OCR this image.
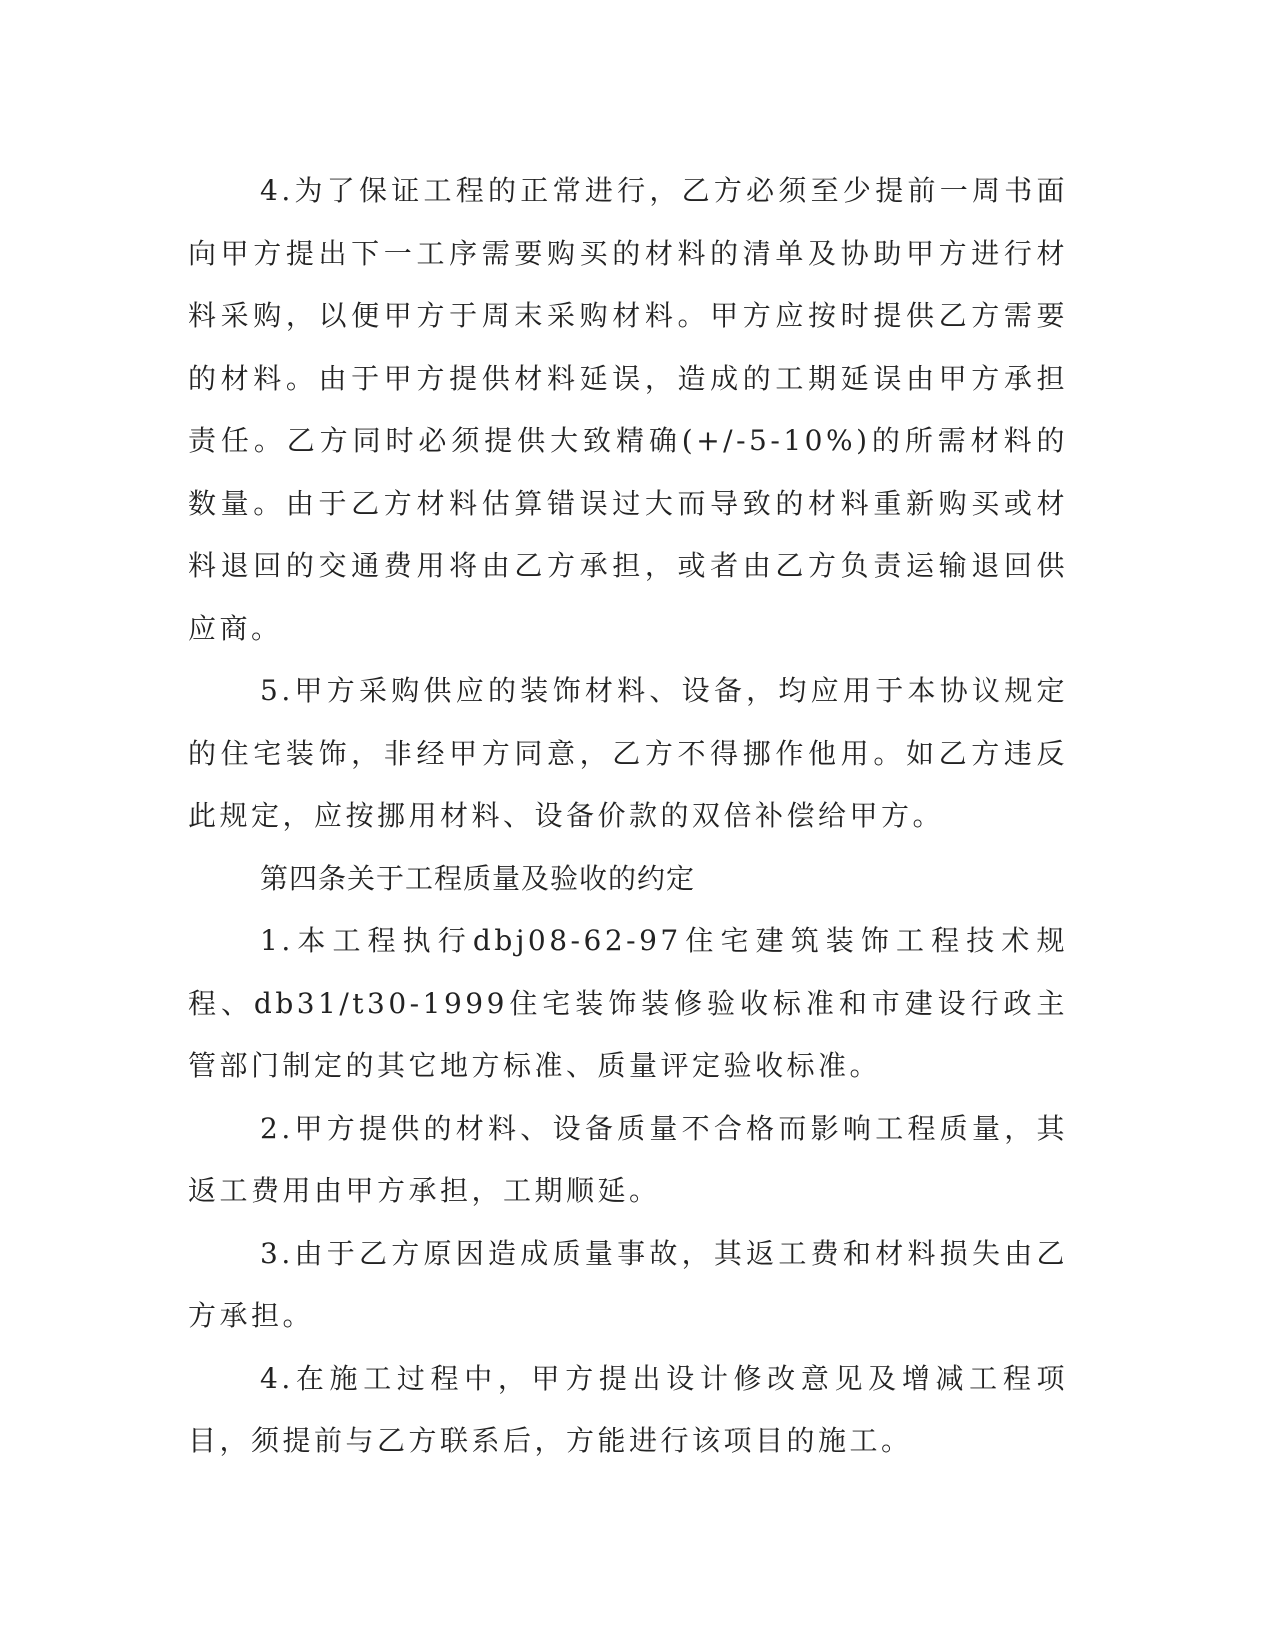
4.为了保证工程的正常进行，乙方必须至少提前一周书面向甲方提出下一工序需要购买的材料的清单及协助甲方进行材料采购，以便甲方于周末采购材料。甲方应按时提供乙方需要的材料。由于甲方提供材料延误，造成的工期延误由甲方承担责任。乙方同时必须提供大致精确(+/-5-10%)的所需材料的数量。由于乙方材料估算错误过大而导致的材料重新购买或材料退回的交通费用将由乙方承担，或者由乙方负责运输退回供应商。

5.甲方采购供应的装饰材料、设备，均应用于本协议规定的住宅装饰，非经甲方同意，乙方不得挪作他用。如乙方违反此规定，应按挪用材料、设备价款的双倍补偿给甲方。

第四条关于工程质量及验收的约定

1.本工程执行dbj08-62-97住宅建筑装饰工程技术规程、db31/t30-1999住宅装饰装修验收标准和市建设行政主管部门制定的其它地方标准、质量评定验收标准。

2.甲方提供的材料、设备质量不合格而影响工程质量，其返工费用由甲方承担，工期顺延。

3.由于乙方原因造成质量事故，其返工费和材料损失由乙方承担。

4.在施工过程中，甲方提出设计修改意见及增减工程项目，须提前与乙方联系后，方能进行该项目的施工。
